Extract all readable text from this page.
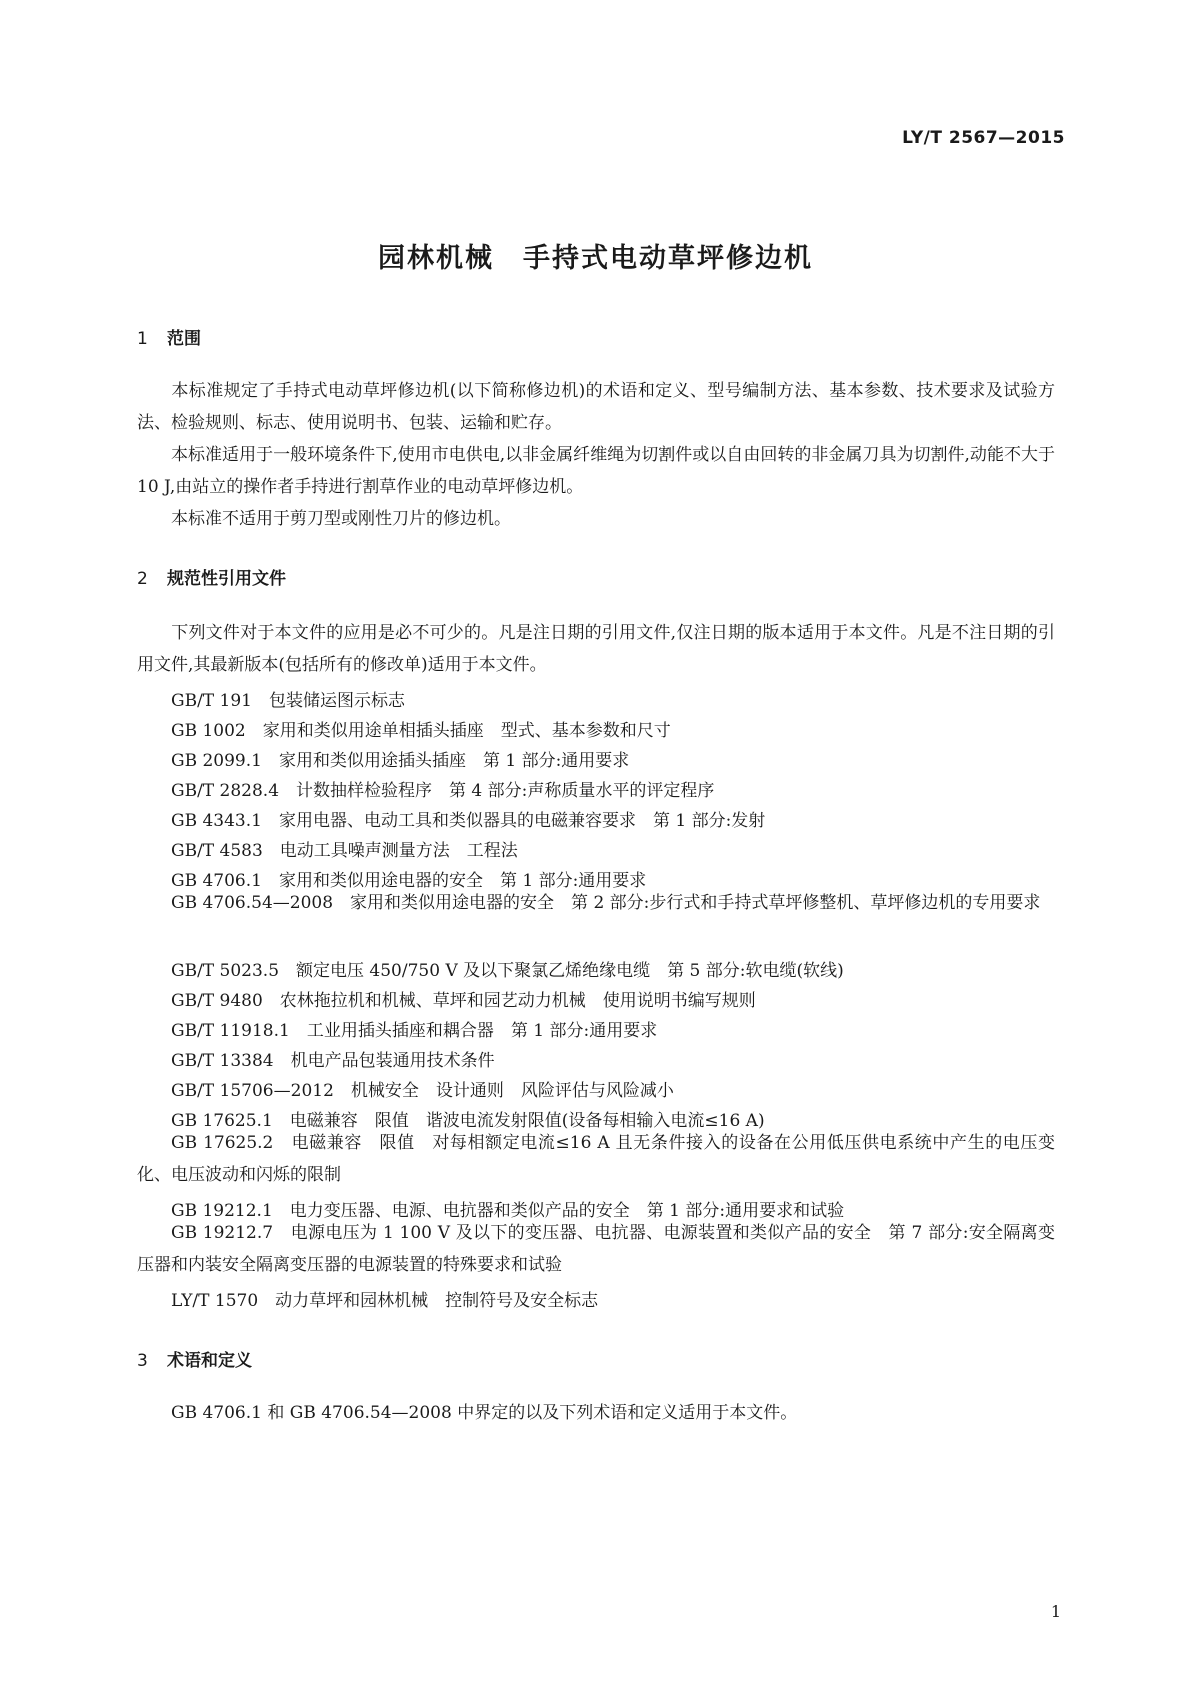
LY/T 2567—2015
园林机械　手持式电动草坪修边机
1 范围

本标准规定了手持式电动草坪修边机(以下简称修边机)的术语和定义、型号编制方法、基本参数、技术要求及试验方法、检验规则、标志、使用说明书、包装、运输和贮存。

本标准适用于一般环境条件下,使用市电供电,以非金属纤维绳为切割件或以自由回转的非金属刀具为切割件,动能不大于 10 J,由站立的操作者手持进行割草作业的电动草坪修边机。

本标准不适用于剪刀型或刚性刀片的修边机。

2 规范性引用文件

下列文件对于本文件的应用是必不可少的。凡是注日期的引用文件,仅注日期的版本适用于本文件。凡是不注日期的引用文件,其最新版本(包括所有的修改单)适用于本文件。

GB/T 191　包装储运图示标志
GB 1002　家用和类似用途单相插头插座　型式、基本参数和尺寸
GB 2099.1　家用和类似用途插头插座　第 1 部分:通用要求
GB/T 2828.4　计数抽样检验程序　第 4 部分:声称质量水平的评定程序
GB 4343.1　家用电器、电动工具和类似器具的电磁兼容要求　第 1 部分:发射
GB/T 4583　电动工具噪声测量方法　工程法
GB 4706.1　家用和类似用途电器的安全　第 1 部分:通用要求

GB 4706.54—2008　家用和类似用途电器的安全　第 2 部分:步行式和手持式草坪修整机、草坪修边机的专用要求

GB/T 5023.5　额定电压 450/750 V 及以下聚氯乙烯绝缘电缆　第 5 部分:软电缆(软线)
GB/T 9480　农林拖拉机和机械、草坪和园艺动力机械　使用说明书编写规则
GB/T 11918.1　工业用插头插座和耦合器　第 1 部分:通用要求
GB/T 13384　机电产品包装通用技术条件
GB/T 15706—2012　机械安全　设计通则　风险评估与风险减小
GB 17625.1　电磁兼容　限值　谐波电流发射限值(设备每相输入电流≤16 A)

GB 17625.2　电磁兼容　限值　对每相额定电流≤16 A 且无条件接入的设备在公用低压供电系统中产生的电压变化、电压波动和闪烁的限制

GB 19212.1　电力变压器、电源、电抗器和类似产品的安全　第 1 部分:通用要求和试验

GB 19212.7　电源电压为 1 100 V 及以下的变压器、电抗器、电源装置和类似产品的安全　第 7 部分:安全隔离变压器和内装安全隔离变压器的电源装置的特殊要求和试验

LY/T 1570　动力草坪和园林机械　控制符号及安全标志
3 术语和定义

GB 4706.1 和 GB 4706.54—2008 中界定的以及下列术语和定义适用于本文件。

1
